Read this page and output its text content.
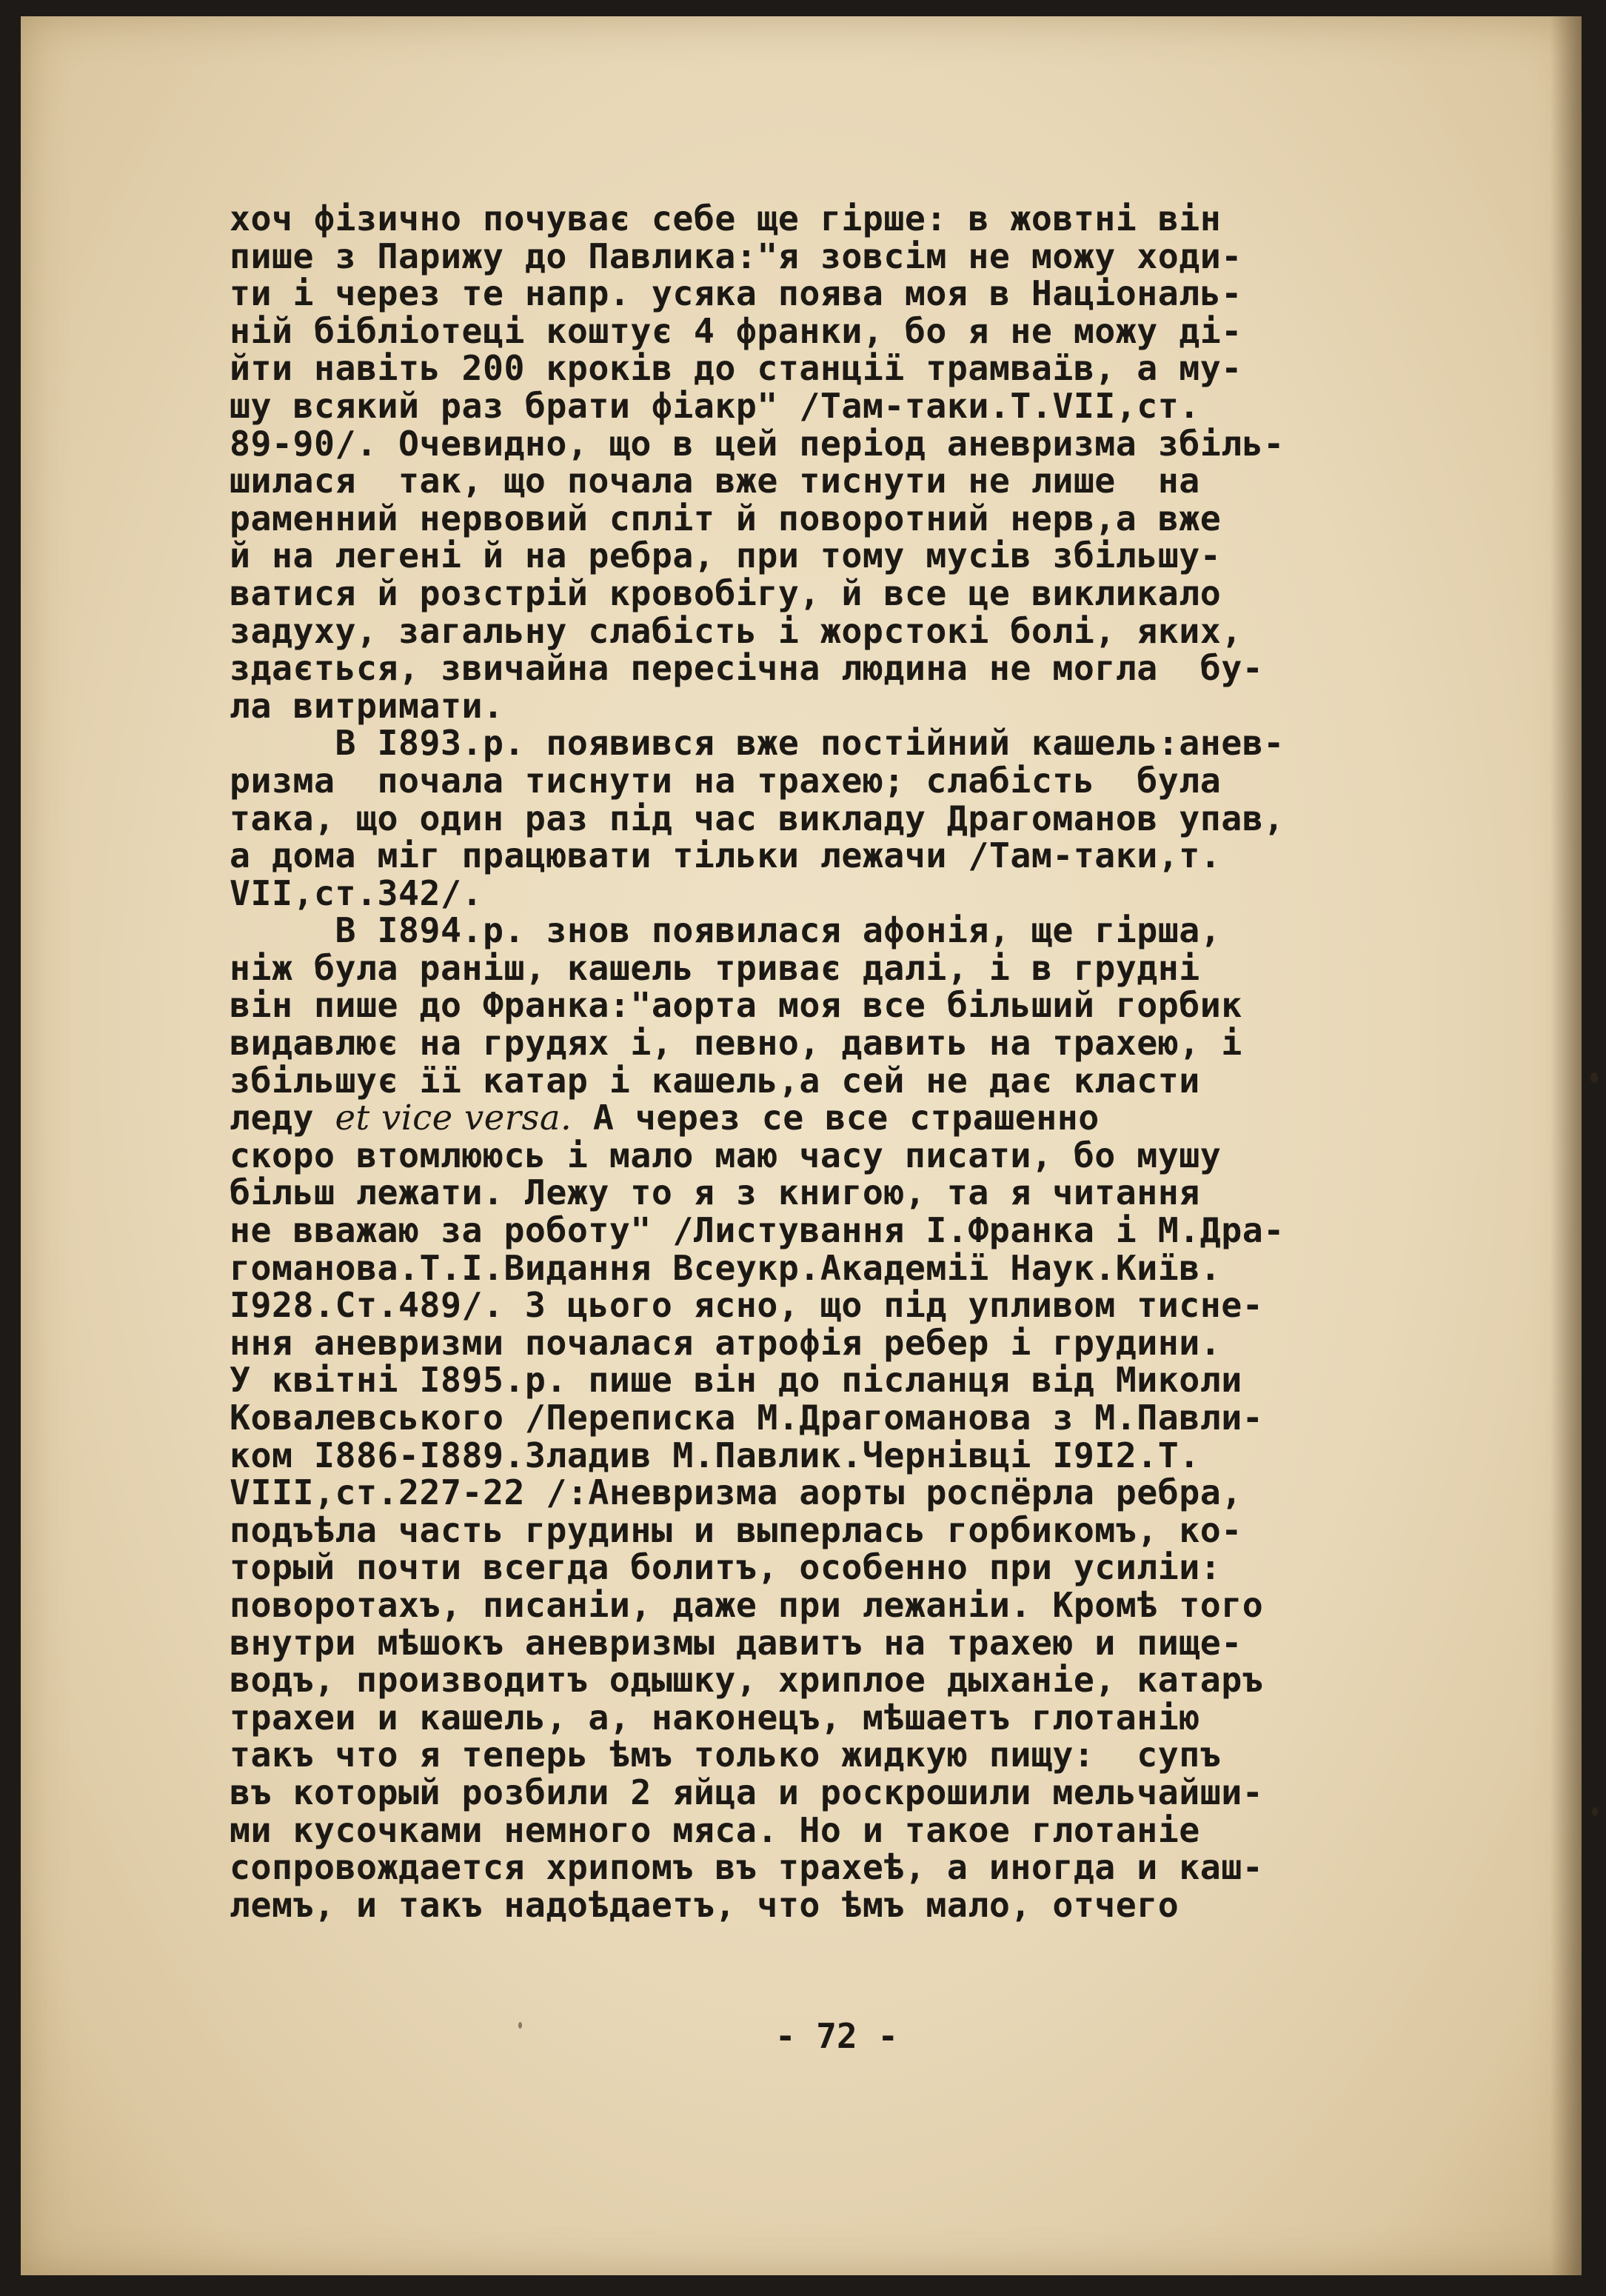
хоч фізично почуває себе ще гірше: в жовтні він
пише з Парижу до Павлика:"я зовсім не можу ходи-
ти і через те напр. усяка поява моя в Національ-
ній бібліотеці коштує 4 франки, бо я не можу ді-
йти навіть 200 кроків до станції трамваїв, а му-
шу всякий раз брати фіакр" /Там-таки.Т.VII,ст.
89-90/. Очевидно, що в цей період аневризма збіль-
шилася  так, що почала вже тиснути не лише  на
раменний нервовий спліт й поворотний нерв,а вже
й на легені й на ребра, при тому мусів збільшу-
ватися й розстрій кровобігу, й все це викликало
задуху, загальну слабість і жорстокі болі, яких,
здається, звичайна пересічна людина не могла  бу-
ла витримати.
В І893.р. появився вже постійний кашель:анев-
ризма  почала тиснути на трахею; слабість  була
така, що один раз під час викладу Драгоманов упав,
а дома міг працювати тільки лежачи /Там-таки,т.
VII,ст.342/.
В І894.р. знов появилася афонія, ще гірша,
ніж була раніш, кашель триває далі, і в грудні
він пише до Франка:"аорта моя все більший горбик
видавлює на грудях і, певно, давить на трахею, і
збільшує її катар і кашель,а сей не дає класти
леду et vice versa. А через се все страшенно
скоро втомлююсь і мало маю часу писати, бо мушу
більш лежати. Лежу то я з книгою, та я читання
не вважаю за роботу" /Листування І.Франка і М.Дра-
гоманова.Т.І.Видання Всеукр.Академії Наук.Київ.
І928.Ст.489/. З цього ясно, що під упливом тисне-
ння аневризми почалася атрофія ребер і грудини.
У квітні І895.р. пише він до післанця від Миколи
Ковалевського /Переписка М.Драгоманова з М.Павли-
ком І886-І889.Зладив М.Павлик.Чернівці І9І2.Т.
VIII,ст.227-22 /:Аневризма аорты роспёрла ребра,
подъѣла часть грудины и выперлась горбикомъ, ко-
торый почти всегда болитъ, особенно при усиліи:
поворотахъ, писаніи, даже при лежаніи. Кромѣ того
внутри мѣшокъ аневризмы давитъ на трахею и пище-
водъ, производитъ одышку, хриплое дыханіе, катаръ
трахеи и кашель, а, наконецъ, мѣшаетъ глотанію
такъ что я теперь ѣмъ только жидкую пищу:  супъ
въ который розбили 2 яйца и роскрошили мельчайши-
ми кусочками немного мяса. Но и такое глотаніе
сопровождается хрипомъ въ трахеѣ, а иногда и каш-
лемъ, и такъ надоѣдаетъ, что ѣмъ мало, отчего
- 72 -
